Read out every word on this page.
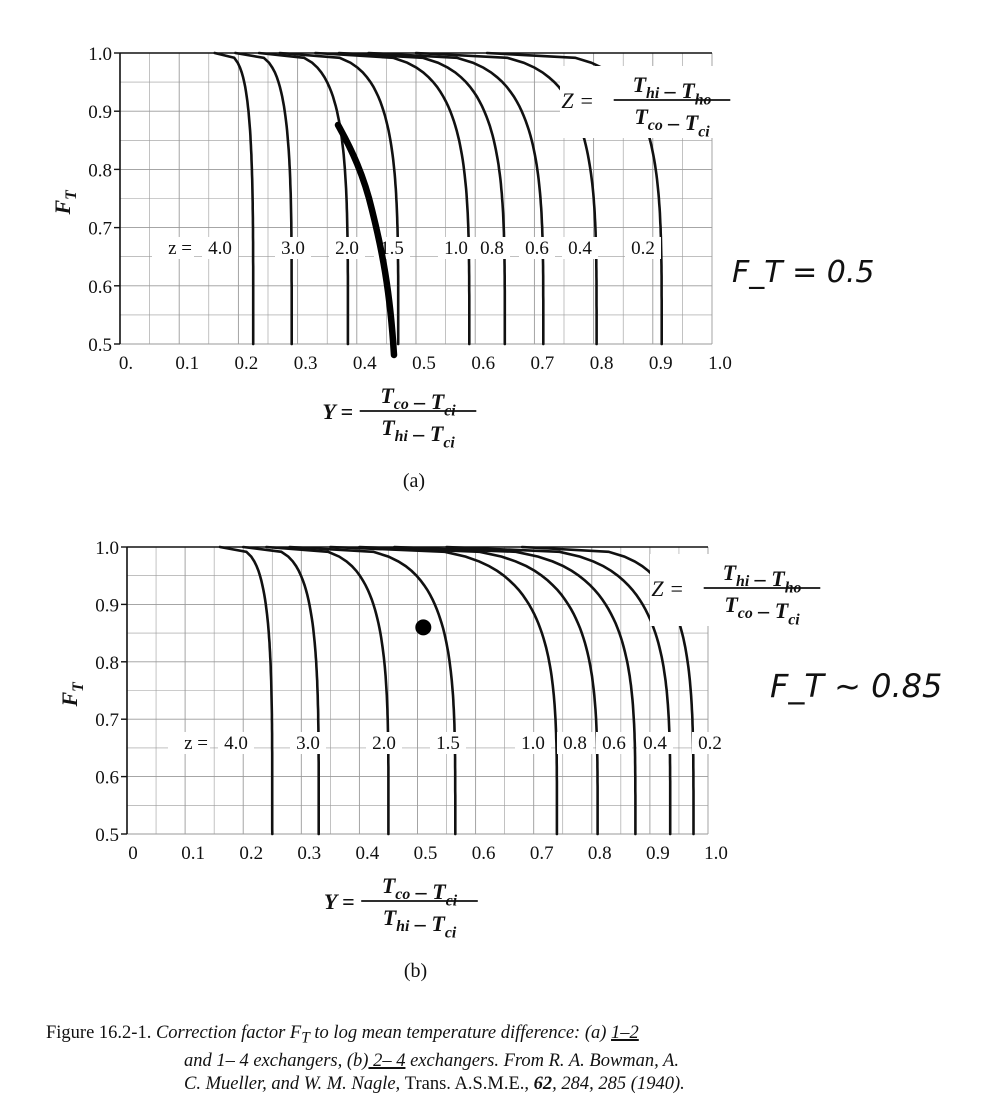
1.0
0.9
0.8
0.7
0.6
0.5
0. 0.1 0.2 0.3 0.4 0.5 0.6 0.7 0.8 0.9 1.0
4.0	3.0 2.0 1.5 1.0 0.8 0.6 0.4 0.2
z =
Z =
$T_{hi} - T_{ho}$
$T_{co} - T_{ci}$
$F_T$
Y =
$T_{co} - T_{ci}$
$T_{hi} - T_{ci}$
(a)
F_T = 0.5
1.0
0.9
0.8
0.7
0.6
0.5
0 0.1 0.2 0.3 0.4 0.5 0.6 0.7 0.8 0.9 1.0
4.0	3.0	2.0 1.5	1.0 0.8 0.6 0.4 0.2
z =
Z =
$T_{hi} - T_{ho}$
$T_{co} - T_{ci}$
$F_T$
Y =
$T_{co} - T_{ci}$
$T_{hi} - T_{ci}$
(b)
F_T ~ 0.85
Figure 16.2-1. Correction factor $F_T$ to log mean temperature difference: (a) 1–2
and 1– 4 exchangers, (b) 2– 4 exchangers. From R. A. Bowman, A.
C. Mueller, and W. M. Nagle, Trans. A.S.M.E., 62, 284, 285 (1940).
